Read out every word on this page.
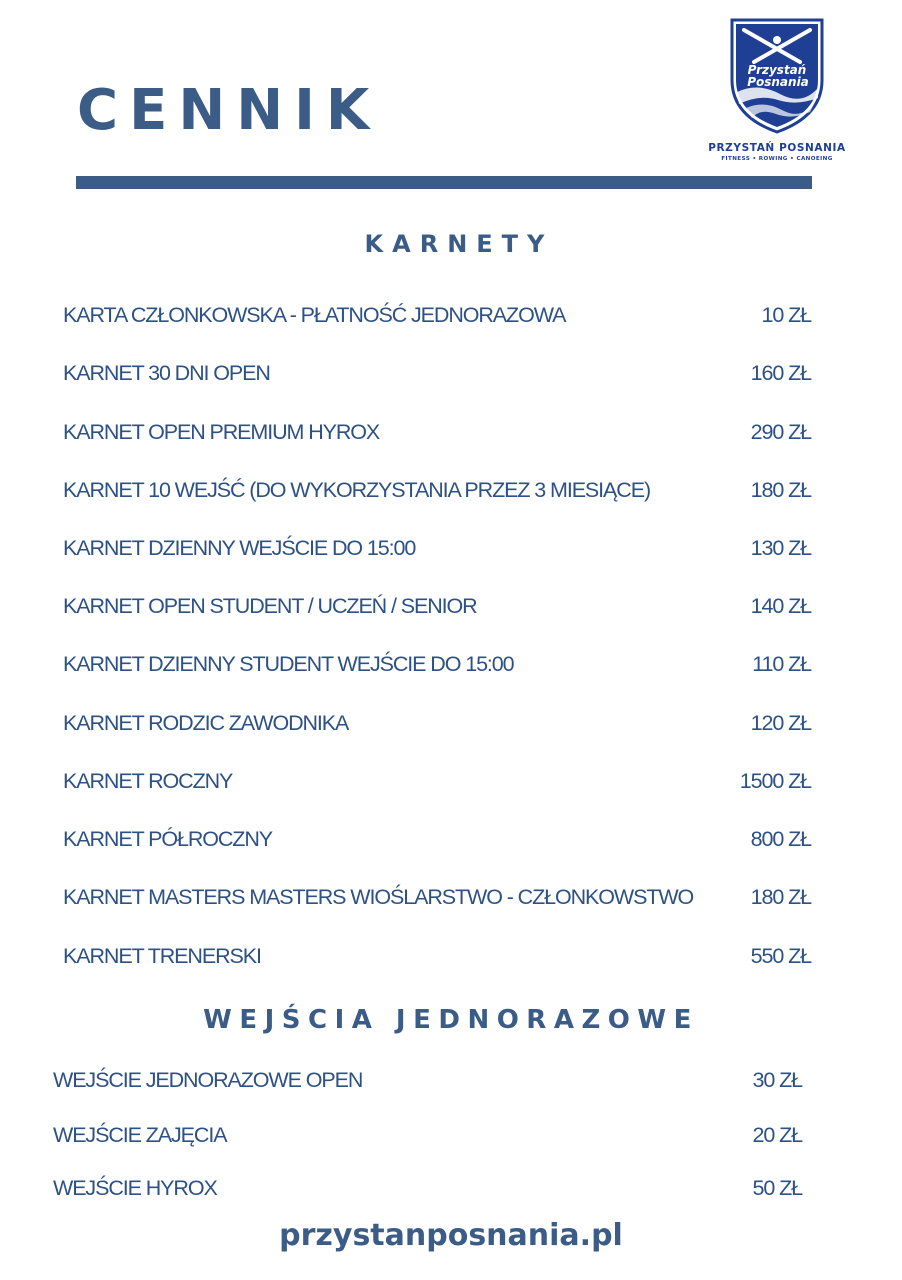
CENNIK
Przystań
Posnania
PRZYSTAŃ POSNANIA
FITNESS • ROWING • CANOEING
KARNETY
KARTA CZŁONKOWSKA - PŁATNOŚĆ JEDNORAZOWA	10 ZŁ
KARNET 30 DNI OPEN	160 ZŁ
KARNET OPEN PREMIUM HYROX	290 ZŁ
KARNET 10 WEJŚĆ (DO WYKORZYSTANIA PRZEZ 3 MIESIĄCE)	180 ZŁ
KARNET DZIENNY WEJŚCIE DO 15:00	130 ZŁ
KARNET OPEN STUDENT / UCZEŃ / SENIOR	140 ZŁ
KARNET DZIENNY STUDENT WEJŚCIE DO 15:00	110 ZŁ
KARNET RODZIC ZAWODNIKA	120 ZŁ
KARNET ROCZNY	1500 ZŁ
KARNET PÓŁROCZNY	800 ZŁ
KARNET MASTERS MASTERS WIOŚLARSTWO - CZŁONKOWSTWO	180 ZŁ
KARNET TRENERSKI	550 ZŁ
WEJŚCIA JEDNORAZOWE
WEJŚCIE JEDNORAZOWE OPEN	30 ZŁ
WEJŚCIE ZAJĘCIA	20 ZŁ
WEJŚCIE HYROX	50 ZŁ
przystanposnania.pl
